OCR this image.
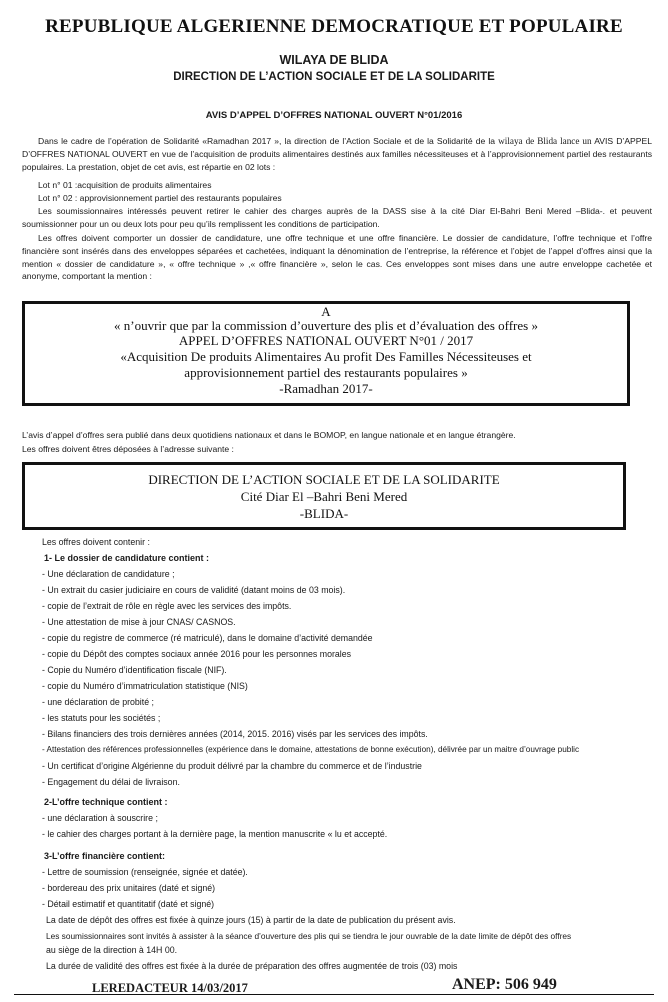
REPUBLIQUE ALGERIENNE DEMOCRATIQUE ET POPULAIRE
WILAYA DE BLIDA
DIRECTION DE L’ACTION SOCIALE ET DE LA SOLIDARITE
AVIS D’APPEL D’OFFRES NATIONAL OUVERT N°01/2016
Dans le cadre de l’opération de Solidarité «Ramadhan 2017 », la direction de l’Action Sociale et de la Solidarité de la wilaya de Blida lance un AVIS D’APPEL D’OFFRES NATIONAL OUVERT en vue de l’acquisition de produits alimentaires destinés aux familles nécessiteuses et à l’approvisionnement partiel des restaurants populaires. La prestation, objet de cet avis, est répartie en 02 lots :
Lot n° 01 :acquisition de produits alimentaires
Lot n° 02 : approvisionnement partiel des restaurants populaires
Les soumissionnaires intéressés peuvent retirer le cahier des charges auprès de la DASS sise à la cité Diar El-Bahri Beni Mered –Blida-. et peuvent soumissionner pour un ou deux lots pour peu qu’ils remplissent les conditions de participation.
Les offres doivent comporter un dossier de candidature, une offre technique et une offre financière. Le dossier de candidature, l’offre technique et l’offre financière sont insérés dans des enveloppes séparées et cachetées, indiquant la dénomination de l’entreprise, la référence et l’objet de l’appel d’offres ainsi que la mention « dossier de candidature », « offre technique » ,« offre financière », selon le cas. Ces enveloppes sont mises dans une autre enveloppe cachetée et anonyme, comportant la mention :
A
« n’ouvrir que par la commission d’ouverture des plis et d’évaluation des offres »
APPEL D’OFFRES NATIONAL OUVERT N°01 / 2017
«Acquisition De produits Alimentaires Au profit Des Familles Nécessiteuses et
approvisionnement partiel des restaurants populaires »
-Ramadhan 2017-
L’avis d’appel d’offres sera publié dans deux quotidiens nationaux et dans le BOMOP, en langue nationale et en langue étrangère.
Les offres doivent êtres déposées à l’adresse suivante :
DIRECTION DE L’ACTION SOCIALE ET DE LA SOLIDARITE
Cité Diar El –Bahri Beni Mered
-BLIDA-
Les offres doivent contenir :
1- Le dossier de candidature contient :
- Une déclaration de candidature ;
- Un extrait du casier judiciaire en cours de validité (datant moins de 03 mois).
- copie de l’extrait de rôle en règle avec les services des impôts.
- Une attestation de mise à jour CNAS/ CASNOS.
- copie du registre de commerce (ré matriculé), dans le domaine d’activité demandée
- copie du Dépôt des comptes sociaux année 2016 pour les personnes morales
- Copie du Numéro d’identification fiscale (NIF).
- copie du Numéro d’immatriculation statistique (NIS)
- une déclaration de probité ;
- les statuts pour les sociétés ;
- Bilans financiers des trois dernières années (2014, 2015. 2016) visés par les services des impôts.
- Attestation des références professionnelles (expérience dans le domaine, attestations de bonne exécution), délivrée par un maitre d’ouvrage public
- Un certificat d’origine Algérienne du produit délivré par la chambre du commerce et de l’industrie
- Engagement du délai de livraison.
2-L’offre technique contient :
- une déclaration à souscrire ;
- le cahier des charges portant à la dernière page, la mention manuscrite « lu et accepté.
3-L’offre financière contient:
- Lettre de soumission (renseignée, signée et datée).
- bordereau des prix unitaires (daté et signé)
- Détail estimatif et quantitatif (daté et signé)
La date de dépôt des offres est fixée à quinze jours (15) à partir de la date de publication du présent avis.
Les soumissionnaires sont invités à assister à la séance d’ouverture des plis qui se tiendra le jour ouvrable de la date limite de dépôt des offres
au siège de la direction à 14H 00.
La durée de validité des offres est fixée à la durée de préparation des offres augmentée de trois (03) mois
LEREDACTEUR 14/03/2017	ANEP: 506 949
